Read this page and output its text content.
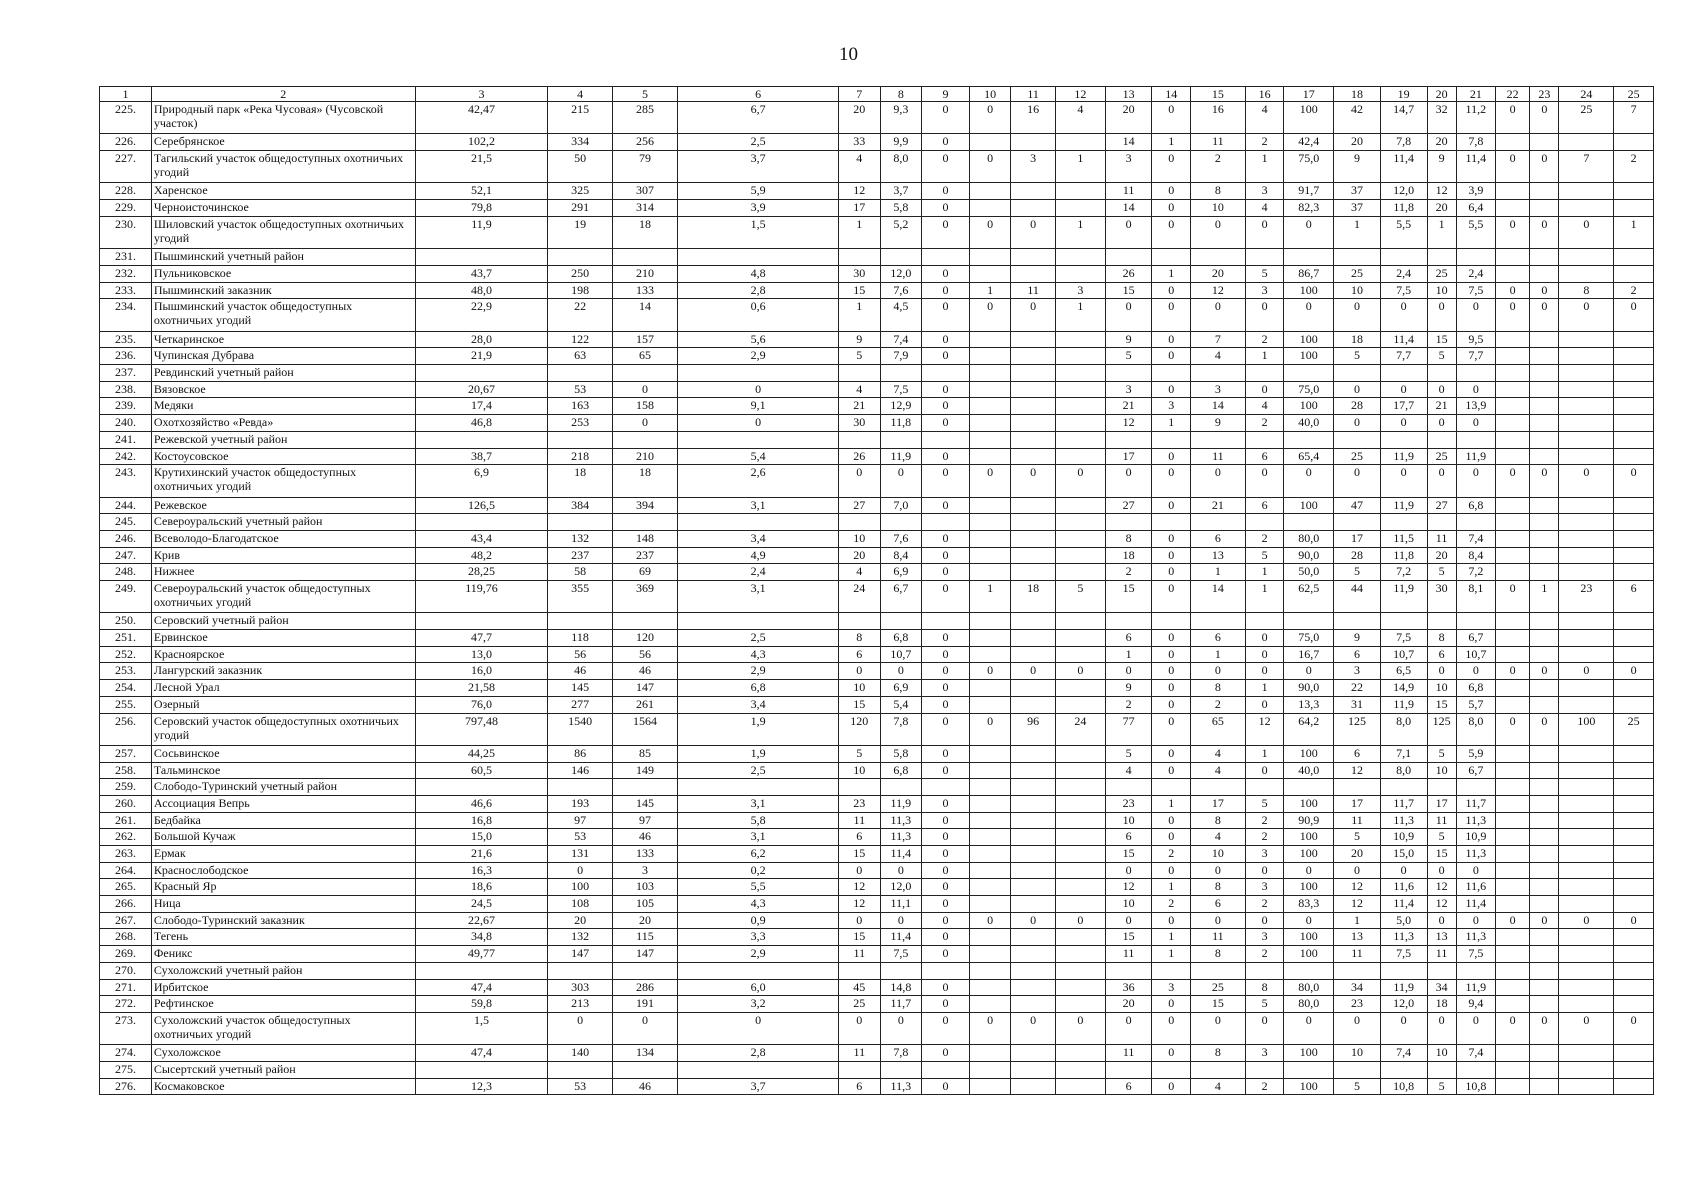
10
1	2	3	4	5	6	7	8	9	10	11	12	13	14	15	16	17	18	19	20	21	22	23	24	25
225.	Природный парк «Река Чусовая» (Чусовской участок)	42,47	215	285	6,7	20	9,3	0	0	16	4	20	0	16	4	100	42	14,7	32	11,2	0	0	25	7
226.	Серебрянское	102,2	334	256	2,5	33	9,9	0				14	1	11	2	42,4	20	7,8	20	7,8				
227.	Тагильский участок общедоступных охотничьих угодий	21,5	50	79	3,7	4	8,0	0	0	3	1	3	0	2	1	75,0	9	11,4	9	11,4	0	0	7	2
228.	Харенское	52,1	325	307	5,9	12	3,7	0				11	0	8	3	91,7	37	12,0	12	3,9				
229.	Черноисточинское	79,8	291	314	3,9	17	5,8	0				14	0	10	4	82,3	37	11,8	20	6,4				
230.	Шиловский участок общедоступных охотничьих угодий	11,9	19	18	1,5	1	5,2	0	0	0	1	0	0	0	0	0	1	5,5	1	5,5	0	0	0	1
231.	Пышминский учетный район																							
232.	Пульниковское	43,7	250	210	4,8	30	12,0	0				26	1	20	5	86,7	25	2,4	25	2,4				
233.	Пышминский заказник	48,0	198	133	2,8	15	7,6	0	1	11	3	15	0	12	3	100	10	7,5	10	7,5	0	0	8	2
234.	Пышминский участок общедоступных охотничьих угодий	22,9	22	14	0,6	1	4,5	0	0	0	1	0	0	0	0	0	0	0	0	0	0	0	0	0
235.	Четкаринское	28,0	122	157	5,6	9	7,4	0				9	0	7	2	100	18	11,4	15	9,5				
236.	Чупинская Дубрава	21,9	63	65	2,9	5	7,9	0				5	0	4	1	100	5	7,7	5	7,7				
237.	Ревдинский учетный район																							
238.	Вязовское	20,67	53	0	0	4	7,5	0				3	0	3	0	75,0	0	0	0	0				
239.	Медяки	17,4	163	158	9,1	21	12,9	0				21	3	14	4	100	28	17,7	21	13,9				
240.	Охотхозяйство «Ревда»	46,8	253	0	0	30	11,8	0				12	1	9	2	40,0	0	0	0	0				
241.	Режевской учетный район																							
242.	Костоусовское	38,7	218	210	5,4	26	11,9	0				17	0	11	6	65,4	25	11,9	25	11,9				
243.	Крутихинский участок общедоступных охотничьих угодий	6,9	18	18	2,6	0	0	0	0	0	0	0	0	0	0	0	0	0	0	0	0	0	0	0
244.	Режевское	126,5	384	394	3,1	27	7,0	0				27	0	21	6	100	47	11,9	27	6,8				
245.	Североуральский учетный район																							
246.	Всеволодо-Благодатское	43,4	132	148	3,4	10	7,6	0				8	0	6	2	80,0	17	11,5	11	7,4				
247.	Крив	48,2	237	237	4,9	20	8,4	0				18	0	13	5	90,0	28	11,8	20	8,4				
248.	Нижнее	28,25	58	69	2,4	4	6,9	0				2	0	1	1	50,0	5	7,2	5	7,2				
249.	Североуральский участок общедоступных охотничьих угодий	119,76	355	369	3,1	24	6,7	0	1	18	5	15	0	14	1	62,5	44	11,9	30	8,1	0	1	23	6
250.	Серовский учетный район																							
251.	Ервинское	47,7	118	120	2,5	8	6,8	0				6	0	6	0	75,0	9	7,5	8	6,7				
252.	Красноярское	13,0	56	56	4,3	6	10,7	0				1	0	1	0	16,7	6	10,7	6	10,7				
253.	Лангурский заказник	16,0	46	46	2,9	0	0	0	0	0	0	0	0	0	0	0	3	6,5	0	0	0	0	0	0
254.	Лесной Урал	21,58	145	147	6,8	10	6,9	0				9	0	8	1	90,0	22	14,9	10	6,8				
255.	Озерный	76,0	277	261	3,4	15	5,4	0				2	0	2	0	13,3	31	11,9	15	5,7				
256.	Серовский участок общедоступных охотничьих угодий	797,48	1540	1564	1,9	120	7,8	0	0	96	24	77	0	65	12	64,2	125	8,0	125	8,0	0	0	100	25
257.	Сосьвинское	44,25	86	85	1,9	5	5,8	0				5	0	4	1	100	6	7,1	5	5,9				
258.	Тальминское	60,5	146	149	2,5	10	6,8	0				4	0	4	0	40,0	12	8,0	10	6,7				
259.	Слободо-Туринский учетный район																							
260.	Ассоциация Вепрь	46,6	193	145	3,1	23	11,9	0				23	1	17	5	100	17	11,7	17	11,7				
261.	Бедбайка	16,8	97	97	5,8	11	11,3	0				10	0	8	2	90,9	11	11,3	11	11,3				
262.	Большой Кучаж	15,0	53	46	3,1	6	11,3	0				6	0	4	2	100	5	10,9	5	10,9				
263.	Ермак	21,6	131	133	6,2	15	11,4	0				15	2	10	3	100	20	15,0	15	11,3				
264.	Краснослободское	16,3	0	3	0,2	0	0	0				0	0	0	0	0	0	0	0	0				
265.	Красный Яр	18,6	100	103	5,5	12	12,0	0				12	1	8	3	100	12	11,6	12	11,6				
266.	Ница	24,5	108	105	4,3	12	11,1	0				10	2	6	2	83,3	12	11,4	12	11,4				
267.	Слободо-Туринский заказник	22,67	20	20	0,9	0	0	0	0	0	0	0	0	0	0	0	1	5,0	0	0	0	0	0	0
268.	Тегень	34,8	132	115	3,3	15	11,4	0				15	1	11	3	100	13	11,3	13	11,3				
269.	Феникс	49,77	147	147	2,9	11	7,5	0				11	1	8	2	100	11	7,5	11	7,5				
270.	Сухоложский учетный район																							
271.	Ирбитское	47,4	303	286	6,0	45	14,8	0				36	3	25	8	80,0	34	11,9	34	11,9				
272.	Рефтинское	59,8	213	191	3,2	25	11,7	0				20	0	15	5	80,0	23	12,0	18	9,4				
273.	Сухоложский участок общедоступных охотничьих угодий	1,5	0	0	0	0	0	0	0	0	0	0	0	0	0	0	0	0	0	0	0	0	0	0
274.	Сухоложское	47,4	140	134	2,8	11	7,8	0				11	0	8	3	100	10	7,4	10	7,4				
275.	Сысертский учетный район																							
276.	Космаковское	12,3	53	46	3,7	6	11,3	0				6	0	4	2	100	5	10,8	5	10,8				
